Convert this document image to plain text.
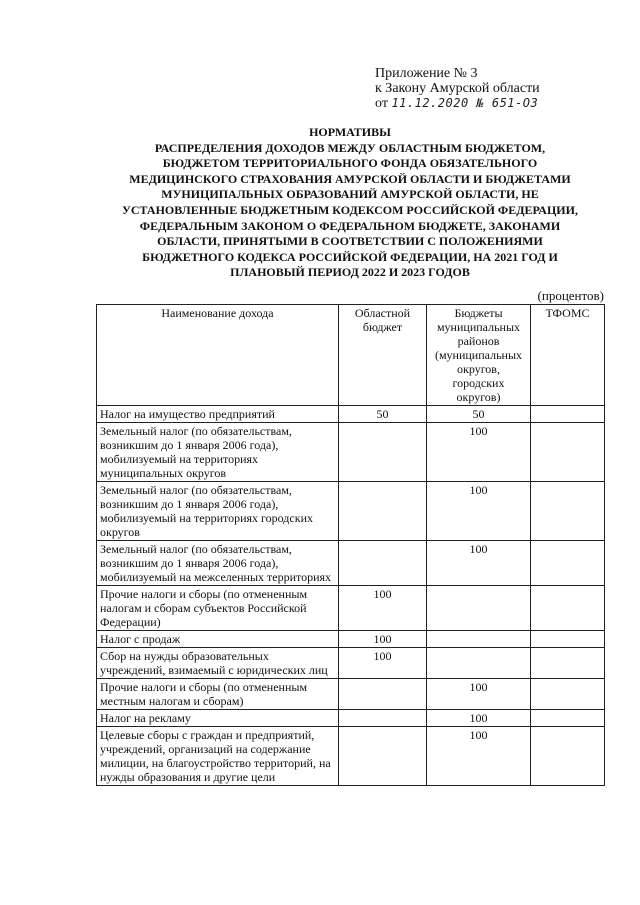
Приложение № 3
к Закону Амурской области
от 11.12.2020 № 651-ОЗ
НОРМАТИВЫ
РАСПРЕДЕЛЕНИЯ ДОХОДОВ МЕЖДУ ОБЛАСТНЫМ БЮДЖЕТОМ,
БЮДЖЕТОМ ТЕРРИТОРИАЛЬНОГО ФОНДА ОБЯЗАТЕЛЬНОГО
МЕДИЦИНСКОГО СТРАХОВАНИЯ АМУРСКОЙ ОБЛАСТИ И БЮДЖЕТАМИ
МУНИЦИПАЛЬНЫХ ОБРАЗОВАНИЙ АМУРСКОЙ ОБЛАСТИ, НЕ
УСТАНОВЛЕННЫЕ БЮДЖЕТНЫМ КОДЕКСОМ РОССИЙСКОЙ ФЕДЕРАЦИИ,
ФЕДЕРАЛЬНЫМ ЗАКОНОМ О ФЕДЕРАЛЬНОМ БЮДЖЕТЕ, ЗАКОНАМИ
ОБЛАСТИ, ПРИНЯТЫМИ В СООТВЕТСТВИИ С ПОЛОЖЕНИЯМИ
БЮДЖЕТНОГО КОДЕКСА РОССИЙСКОЙ ФЕДЕРАЦИИ, НА 2021 ГОД И
ПЛАНОВЫЙ ПЕРИОД 2022 И 2023 ГОДОВ
(процентов)
Наименование дохода	Областной бюджет	Бюджеты муниципальных районов (муниципальных округов, городских округов)	ТФОМС
Налог на имущество предприятий	50	50	
Земельный налог (по обязательствам, возникшим до 1 января 2006 года), мобилизуемый на территориях муниципальных округов		100	
Земельный налог (по обязательствам, возникшим до 1 января 2006 года), мобилизуемый на территориях городских округов		100	
Земельный налог (по обязательствам, возникшим до 1 января 2006 года), мобилизуемый на межселенных территориях		100	
Прочие налоги и сборы (по отмененным налогам и сборам субъектов Российской Федерации)	100		
Налог с продаж	100		
Сбор на нужды образовательных учреждений, взимаемый с юридических лиц	100		
Прочие налоги и сборы (по отмененным местным налогам и сборам)		100	
Налог на рекламу		100	
Целевые сборы с граждан и предприятий, учреждений, организаций на содержание милиции, на благоустройство территорий, на нужды образования и другие цели		100	
